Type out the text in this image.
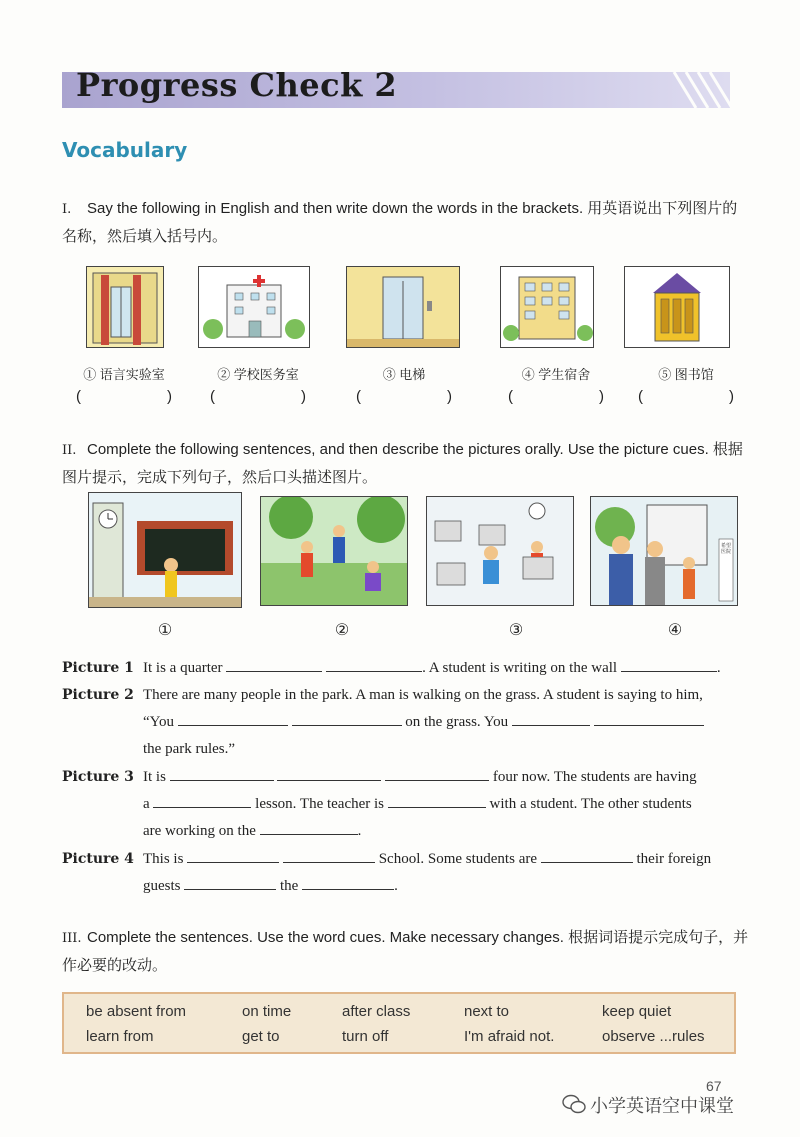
Progress Check 2
Vocabulary
I. Say the following in English and then write down the words in the brackets. 用英语说出下列图片的名称，然后填入括号内。
① 语言实验室	② 学校医务室	③ 电梯	④ 学生宿舍	⑤ 图书馆
(	)	(	)	(	)	(	) (	)
II. Complete the following sentences, and then describe the pictures orally. Use the picture cues. 根据图片提示，完成下列句子，然后口头描述图片。
希望医院
①	②	③	④
Picture 1 It is a quarter	. A student is writing on the wall	.
Picture 2 There are many people in the park. A man is walking on the grass. A student is saying to him,
“You	on the grass. You
the park rules.”
Picture 3 It is	four now. The students are having
a	lesson. The teacher is	with a student. The other students
are working on the	.
Picture 4 This is	School. Some students are	their foreign
guests	the	.
III. Complete the sentences. Use the word cues. Make necessary changes. 根据词语提示完成句子，并作必要的改动。
be absent from	on time	after class	next to	keep quiet
learn from	get to	turn off	I'm afraid not.	observe ...rules
67
小学英语空中课堂
